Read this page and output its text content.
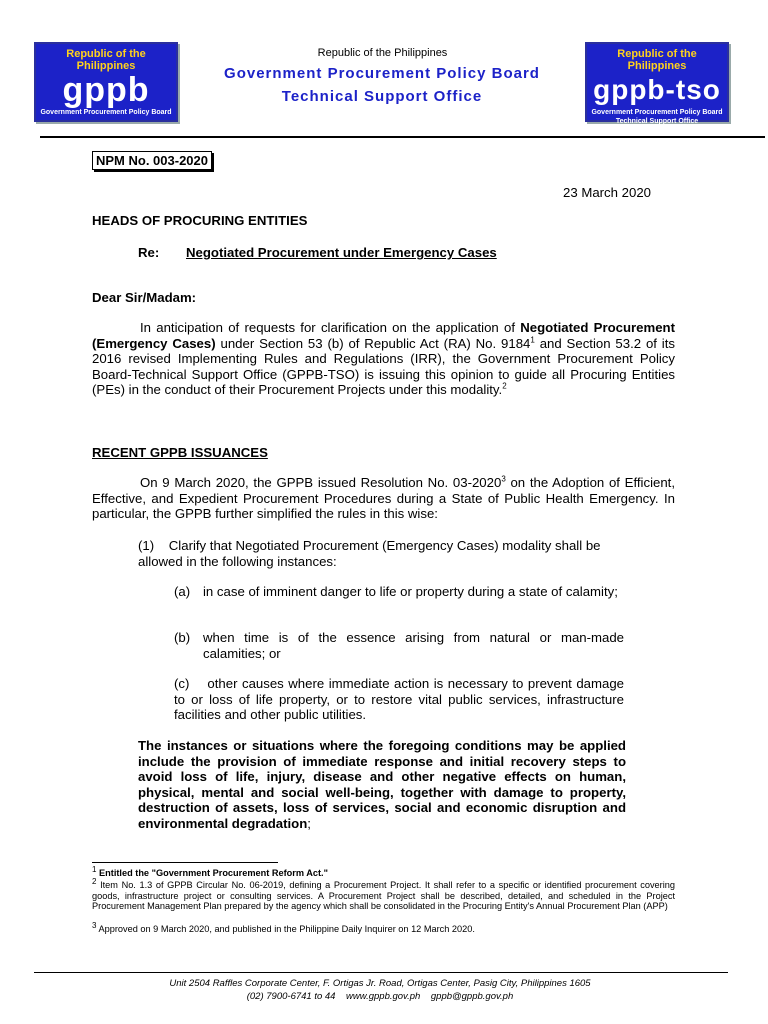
Republic of the Philippines
gppb
Government Procurement Policy Board
Republic of the Philippines
gppb-tso
Government Procurement Policy Board
Technical Support Office
Republic of the Philippines
Government Procurement Policy Board
Technical Support Office
NPM No. 003-2020
23 March 2020
HEADS OF PROCURING ENTITIES
Re: Negotiated Procurement under Emergency Cases
Dear Sir/Madam:
In anticipation of requests for clarification on the application of Negotiated Procurement (Emergency Cases) under Section 53 (b) of Republic Act (RA) No. 9184$^1$ and Section 53.2 of its 2016 revised Implementing Rules and Regulations (IRR), the Government Procurement Policy Board-Technical Support Office (GPPB-TSO) is issuing this opinion to guide all Procuring Entities (PEs) in the conduct of their Procurement Projects under this modality.$^2$
RECENT GPPB ISSUANCES
On 9 March 2020, the GPPB issued Resolution No. 03-2020$^3$ on the Adoption of Efficient, Effective, and Expedient Procurement Procedures during a State of Public Health Emergency. In particular, the GPPB further simplified the rules in this wise:
(1) Clarify that Negotiated Procurement (Emergency Cases) modality shall be allowed in the following instances:
(a) in case of imminent danger to life or property during a state of calamity;
(b) when time is of the essence arising from natural or man-made calamities; or
(c) other causes where immediate action is necessary to prevent damage to or loss of life property, or to restore vital public services, infrastructure facilities and other public utilities.
The instances or situations where the foregoing conditions may be applied include the provision of immediate response and initial recovery steps to avoid loss of life, injury, disease and other negative effects on human, physical, mental and social well-being, together with damage to property, destruction of assets, loss of services, social and economic disruption and environmental degradation;
$^1$ Entitled the "Government Procurement Reform Act."
$^2$ Item No. 1.3 of GPPB Circular No. 06-2019, defining a Procurement Project. It shall refer to a specific or identified procurement covering goods, infrastructure project or consulting services. A Procurement Project shall be described, detailed, and scheduled in the Project Procurement Management Plan prepared by the agency which shall be consolidated in the Procuring Entity's Annual Procurement Plan (APP)
$^3$ Approved on 9 March 2020, and published in the Philippine Daily Inquirer on 12 March 2020.
Unit 2504 Raffles Corporate Center, F. Ortigas Jr. Road, Ortigas Center, Pasig City, Philippines 1605
(02) 7900-6741 to 44    www.gppb.gov.ph    gppb@gppb.gov.ph
